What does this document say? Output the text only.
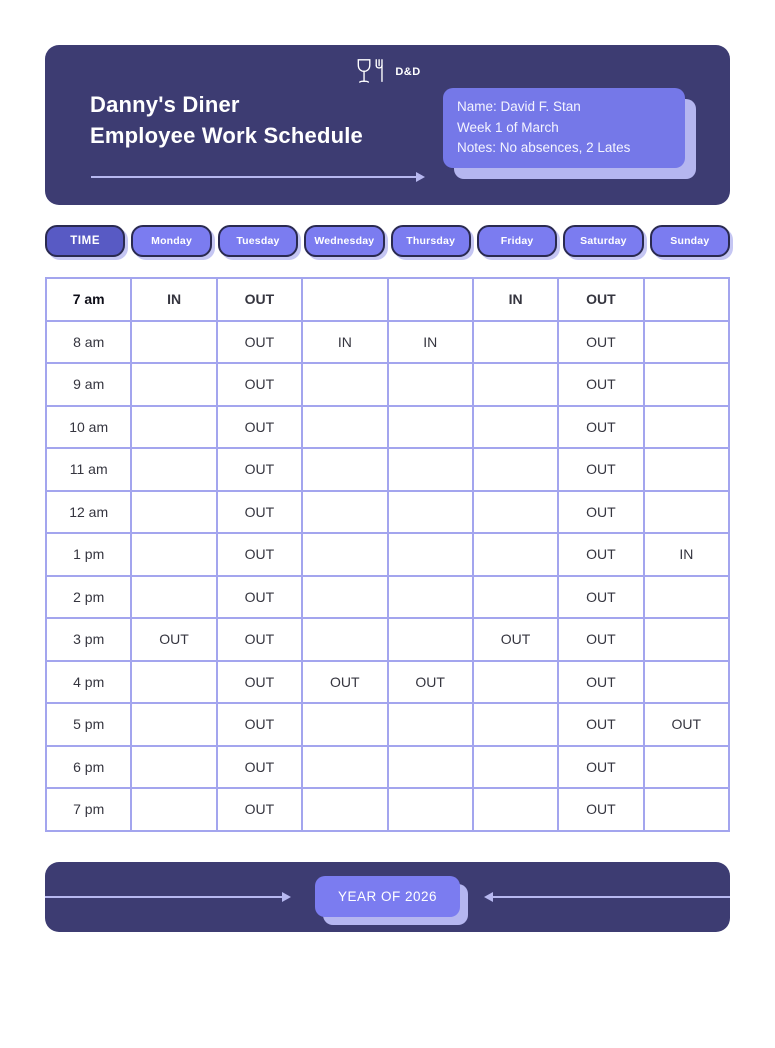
D&D
Danny's Diner
Employee Work Schedule
Name: David F. Stan
Week 1 of March
Notes: No absences, 2 Lates
TIME	Monday	Tuesday	Wednesday	Thursday	Friday	Saturday	Sunday
7 am	IN	OUT			IN	OUT	
8 am		OUT	IN	IN		OUT	
9 am		OUT				OUT	
10 am		OUT				OUT	
11 am		OUT				OUT	
12 am		OUT				OUT	
1 pm		OUT				OUT	IN
2 pm		OUT				OUT	
3 pm	OUT	OUT			OUT	OUT	
4 pm		OUT	OUT	OUT		OUT	
5 pm		OUT				OUT	OUT
6 pm		OUT				OUT	
7 pm		OUT				OUT	
YEAR OF 2026
